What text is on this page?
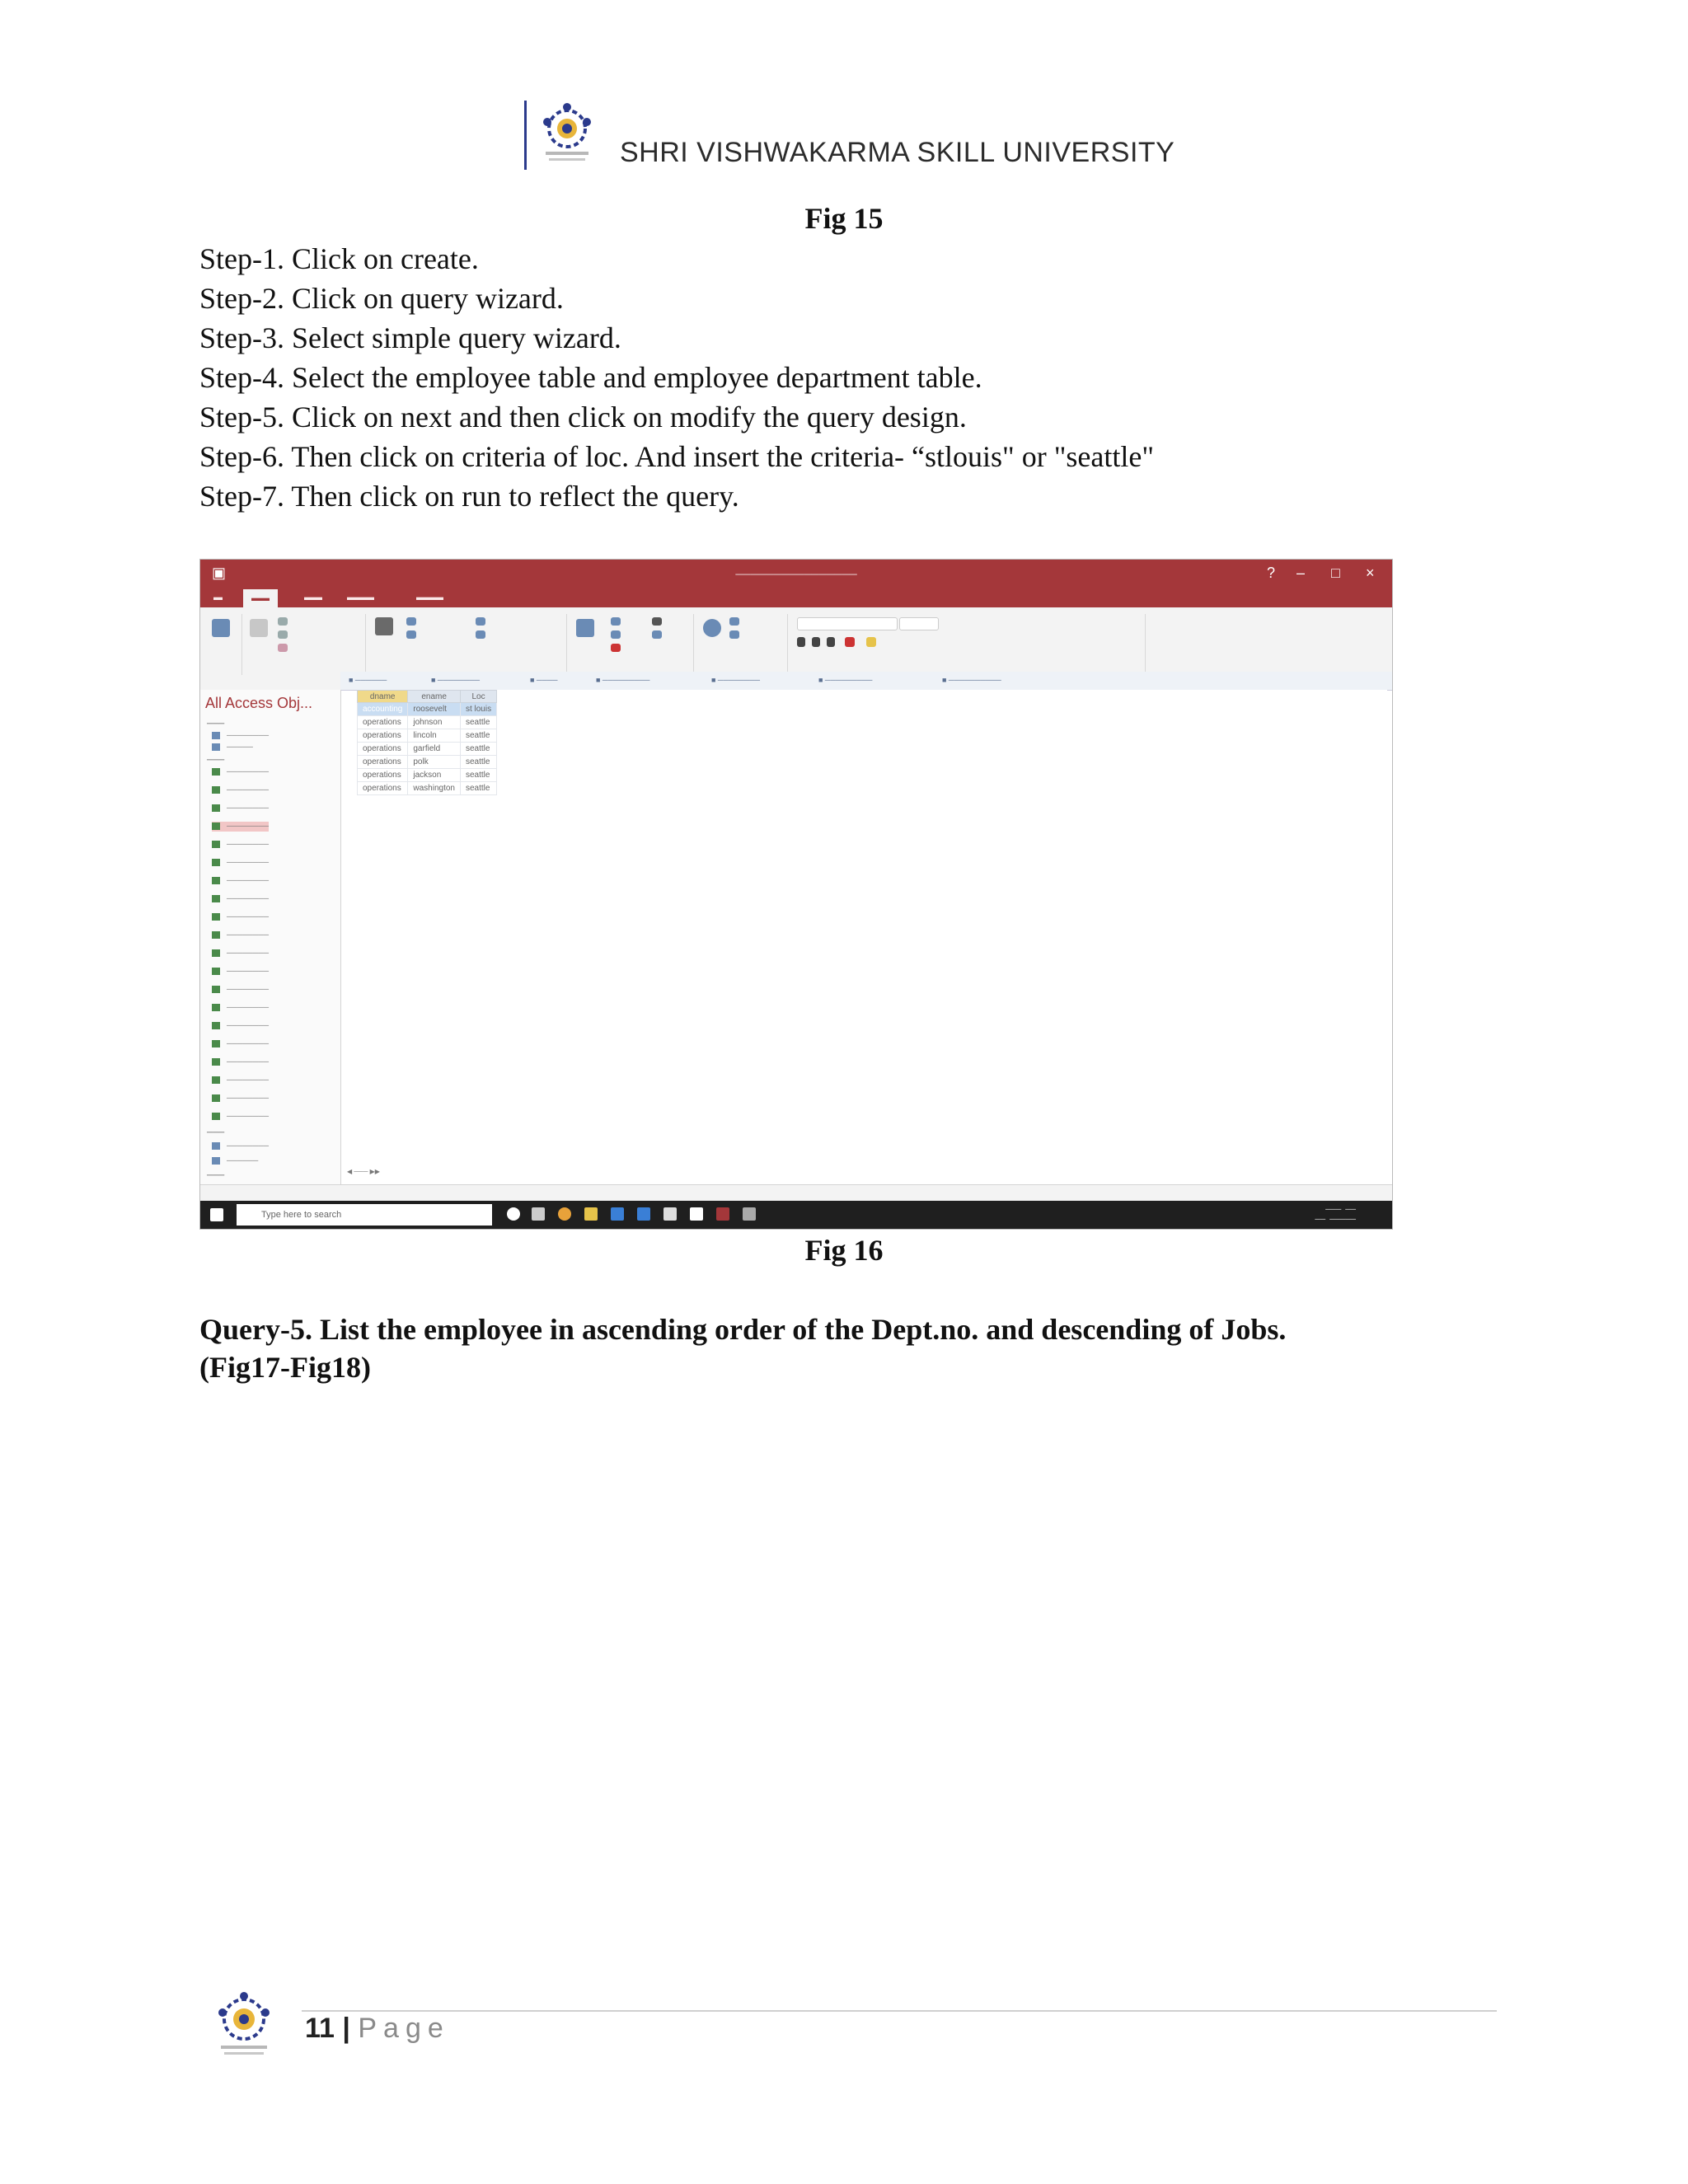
SHRI VISHWAKARMA SKILL UNIVERSITY
Fig 15
Step-1. Click on create.
Step-2. Click on query wizard.
Step-3. Select simple query wizard.
Step-4. Select the employee table and employee department table.
Step-5. Click on next and then click on modify the query design.
Step-6. Then click on criteria of loc. And insert the criteria- “stlouis" or "seattle"
Step-7. Then click on run to reflect the query.
▣	────────────────	? – □ ×
▬	▬▬	▬▬	▬▬▬	▬▬▬
■ ──────	■ ────────	■ ────	■ ─────────	■ ────────	■ ─────────	■ ──────────
All Access Obj...
───
────────
─────
───
────────
────────
────────
────────
────────
────────
────────
────────
────────
────────
────────
────────
────────
────────
────────
────────
────────
────────
────────
────────
───
────────
──────
───
dname	ename	Loc
accounting	roosevelt	st louis
operations	johnson	seattle
operations	lincoln	seattle
operations	garfield	seattle
operations	polk	seattle
operations	jackson	seattle
operations	washington	seattle
◀ ─── ▶▶
Type here to search
───  ──
──  ─────
Fig 16
Query-5. List the employee in ascending order of the Dept.no. and descending of Jobs.
(Fig17-Fig18)
11 | Page
